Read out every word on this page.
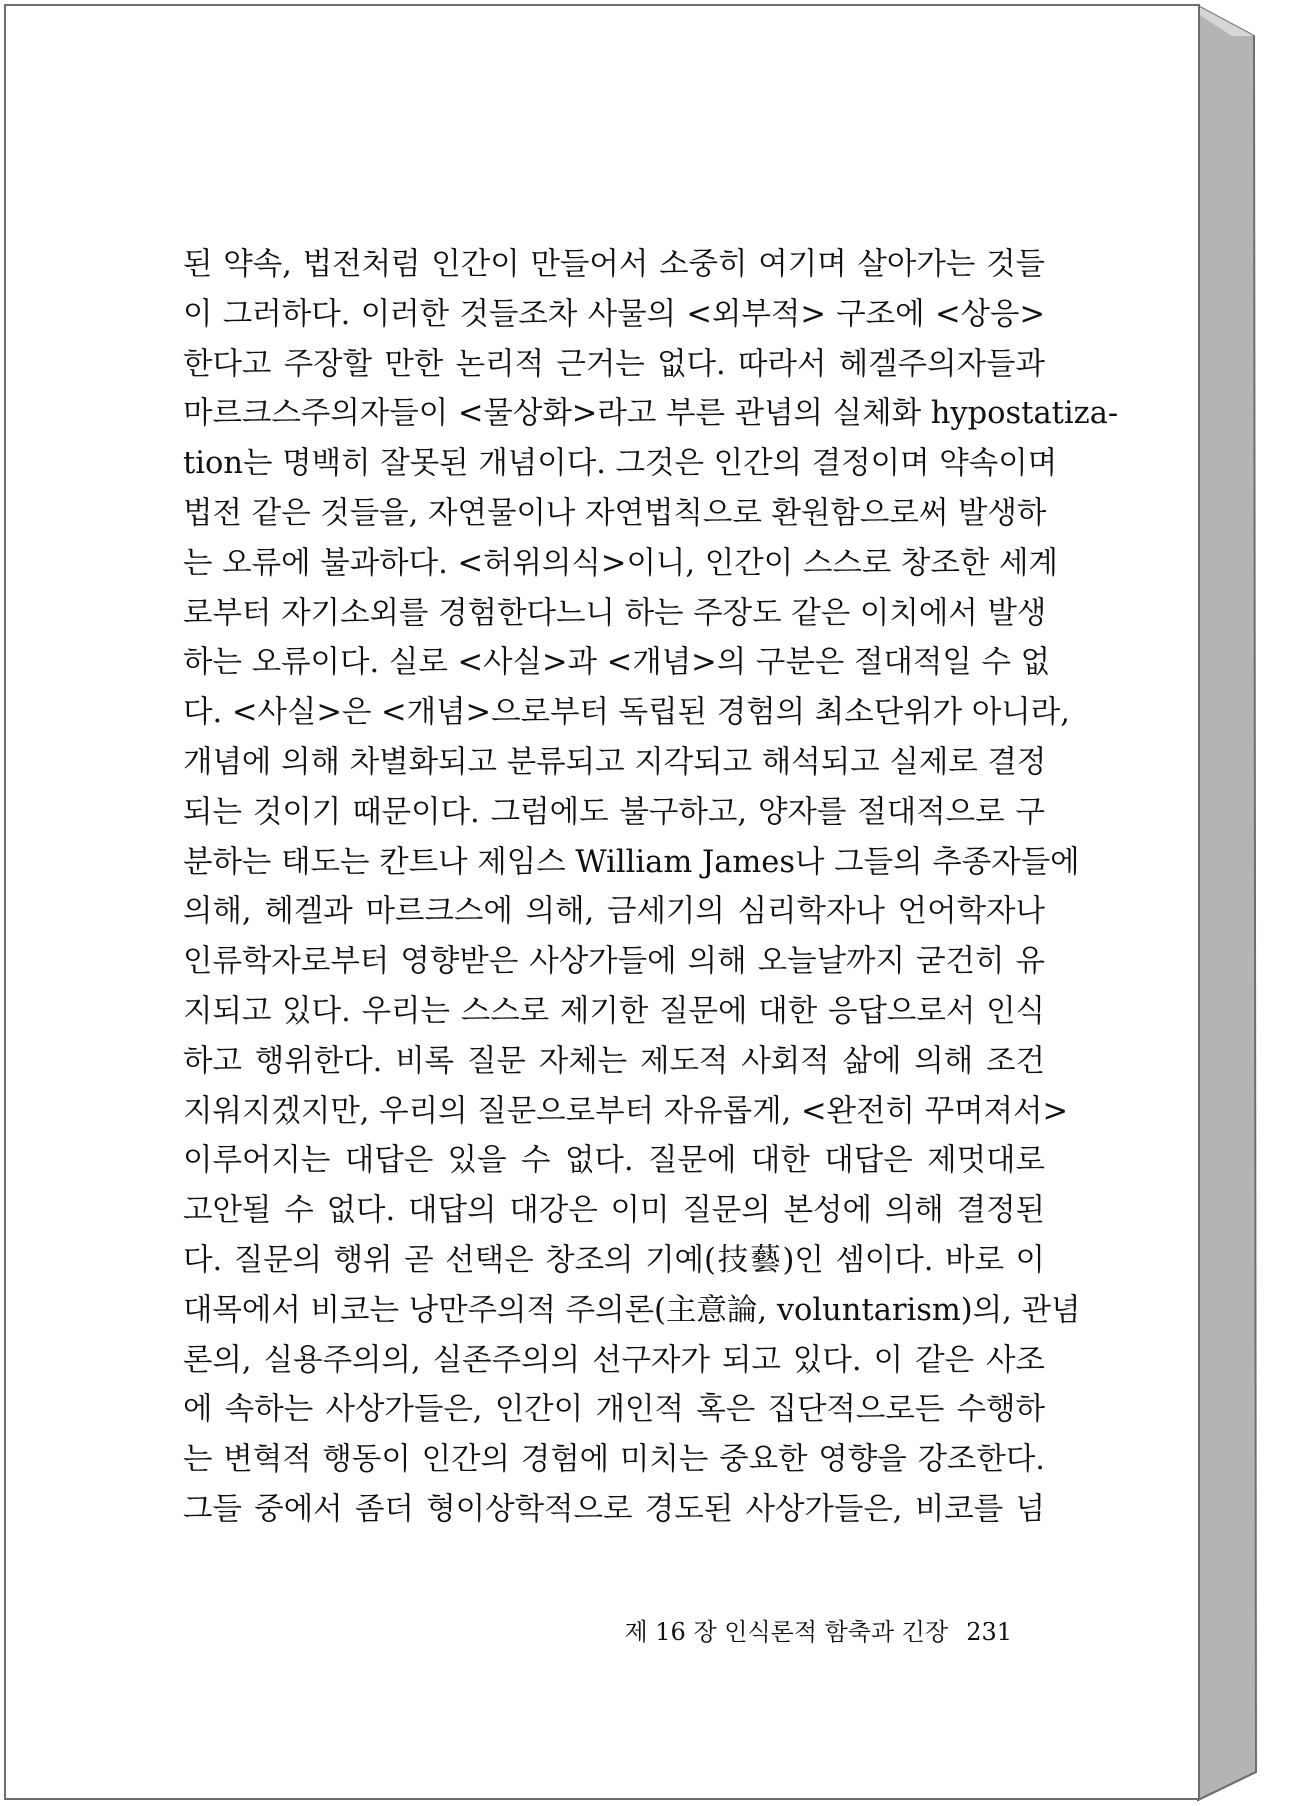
된 약속, 법전처럼 인간이 만들어서 소중히 여기며 살아가는 것들
이 그러하다. 이러한 것들조차 사물의 <외부적> 구조에 <상응>
한다고 주장할 만한 논리적 근거는 없다. 따라서 헤겔주의자들과
마르크스주의자들이 <물상화>라고 부른 관념의 실체화 hypostatiza-
tion는 명백히 잘못된 개념이다. 그것은 인간의 결정이며 약속이며
법전 같은 것들을, 자연물이나 자연법칙으로 환원함으로써 발생하
는 오류에 불과하다. <허위의식>이니, 인간이 스스로 창조한 세계
로부터 자기소외를 경험한다느니 하는 주장도 같은 이치에서 발생
하는 오류이다. 실로 <사실>과 <개념>의 구분은 절대적일 수 없
다. <사실>은 <개념>으로부터 독립된 경험의 최소단위가 아니라,
개념에 의해 차별화되고 분류되고 지각되고 해석되고 실제로 결정
되는 것이기 때문이다. 그럼에도 불구하고, 양자를 절대적으로 구
분하는 태도는 칸트나 제임스 William James나 그들의 추종자들에
의해, 헤겔과 마르크스에 의해, 금세기의 심리학자나 언어학자나
인류학자로부터 영향받은 사상가들에 의해 오늘날까지 굳건히 유
지되고 있다. 우리는 스스로 제기한 질문에 대한 응답으로서 인식
하고 행위한다. 비록 질문 자체는 제도적 사회적 삶에 의해 조건
지워지겠지만, 우리의 질문으로부터 자유롭게, <완전히 꾸며져서>
이루어지는 대답은 있을 수 없다. 질문에 대한 대답은 제멋대로
고안될 수 없다. 대답의 대강은 이미 질문의 본성에 의해 결정된
다. 질문의 행위 곧 선택은 창조의 기예(技藝)인 셈이다. 바로 이
대목에서 비코는 낭만주의적 주의론(主意論, voluntarism)의, 관념
론의, 실용주의의, 실존주의의 선구자가 되고 있다. 이 같은 사조
에 속하는 사상가들은, 인간이 개인적 혹은 집단적으로든 수행하
는 변혁적 행동이 인간의 경험에 미치는 중요한 영향을 강조한다.
그들 중에서 좀더 형이상학적으로 경도된 사상가들은, 비코를 넘
제 16 장 인식론적 함축과 긴장 231
